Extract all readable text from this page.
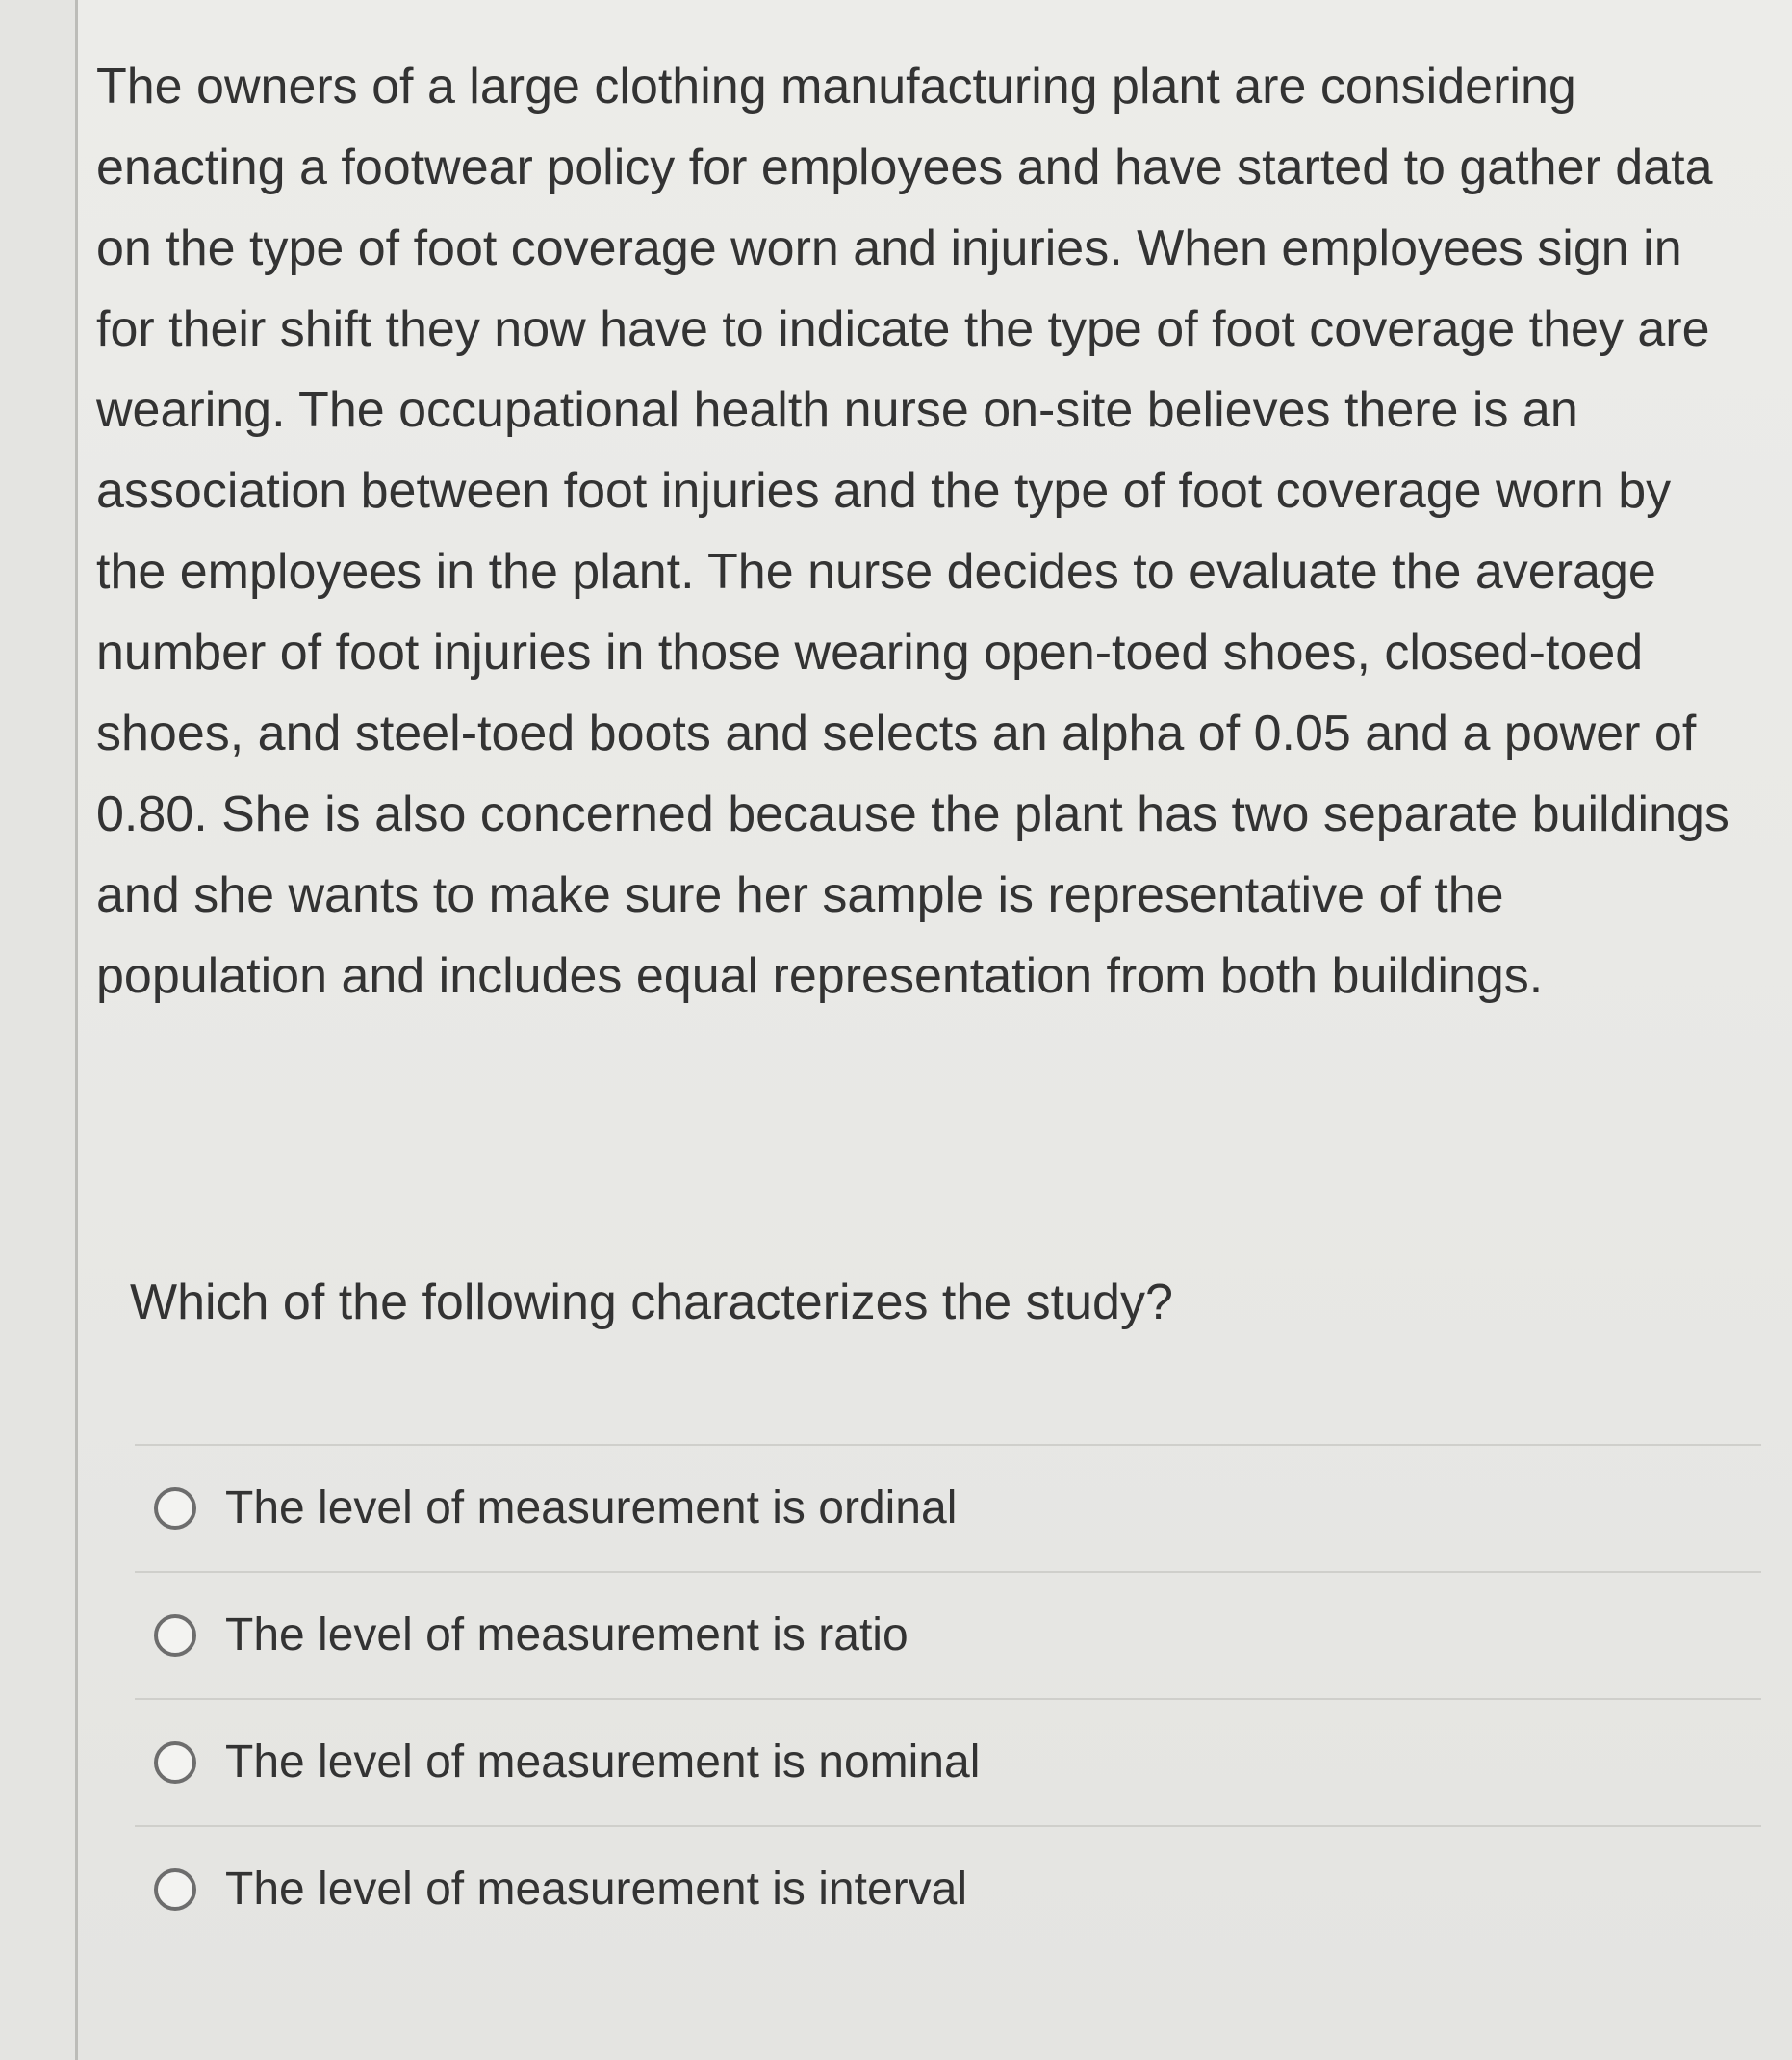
The owners of a large clothing manufacturing plant are considering enacting a footwear policy for employees and have started to gather data on the type of foot coverage worn and injuries. When employees sign in for their shift they now have to indicate the type of foot coverage they are wearing. The occupational health nurse on-site believes there is an association between foot injuries and the type of foot coverage worn by the employees in the plant. The nurse decides to evaluate the average number of foot injuries in those wearing open-toed shoes, closed-toed shoes, and steel-toed boots and selects an alpha of 0.05 and a power of 0.80. She is also concerned because the plant has two separate buildings and she wants to make sure her sample is representative of the population and includes equal representation from both buildings.

Which of the following characterizes the study?

The level of measurement is ordinal
The level of measurement is ratio
The level of measurement is nominal
The level of measurement is interval
